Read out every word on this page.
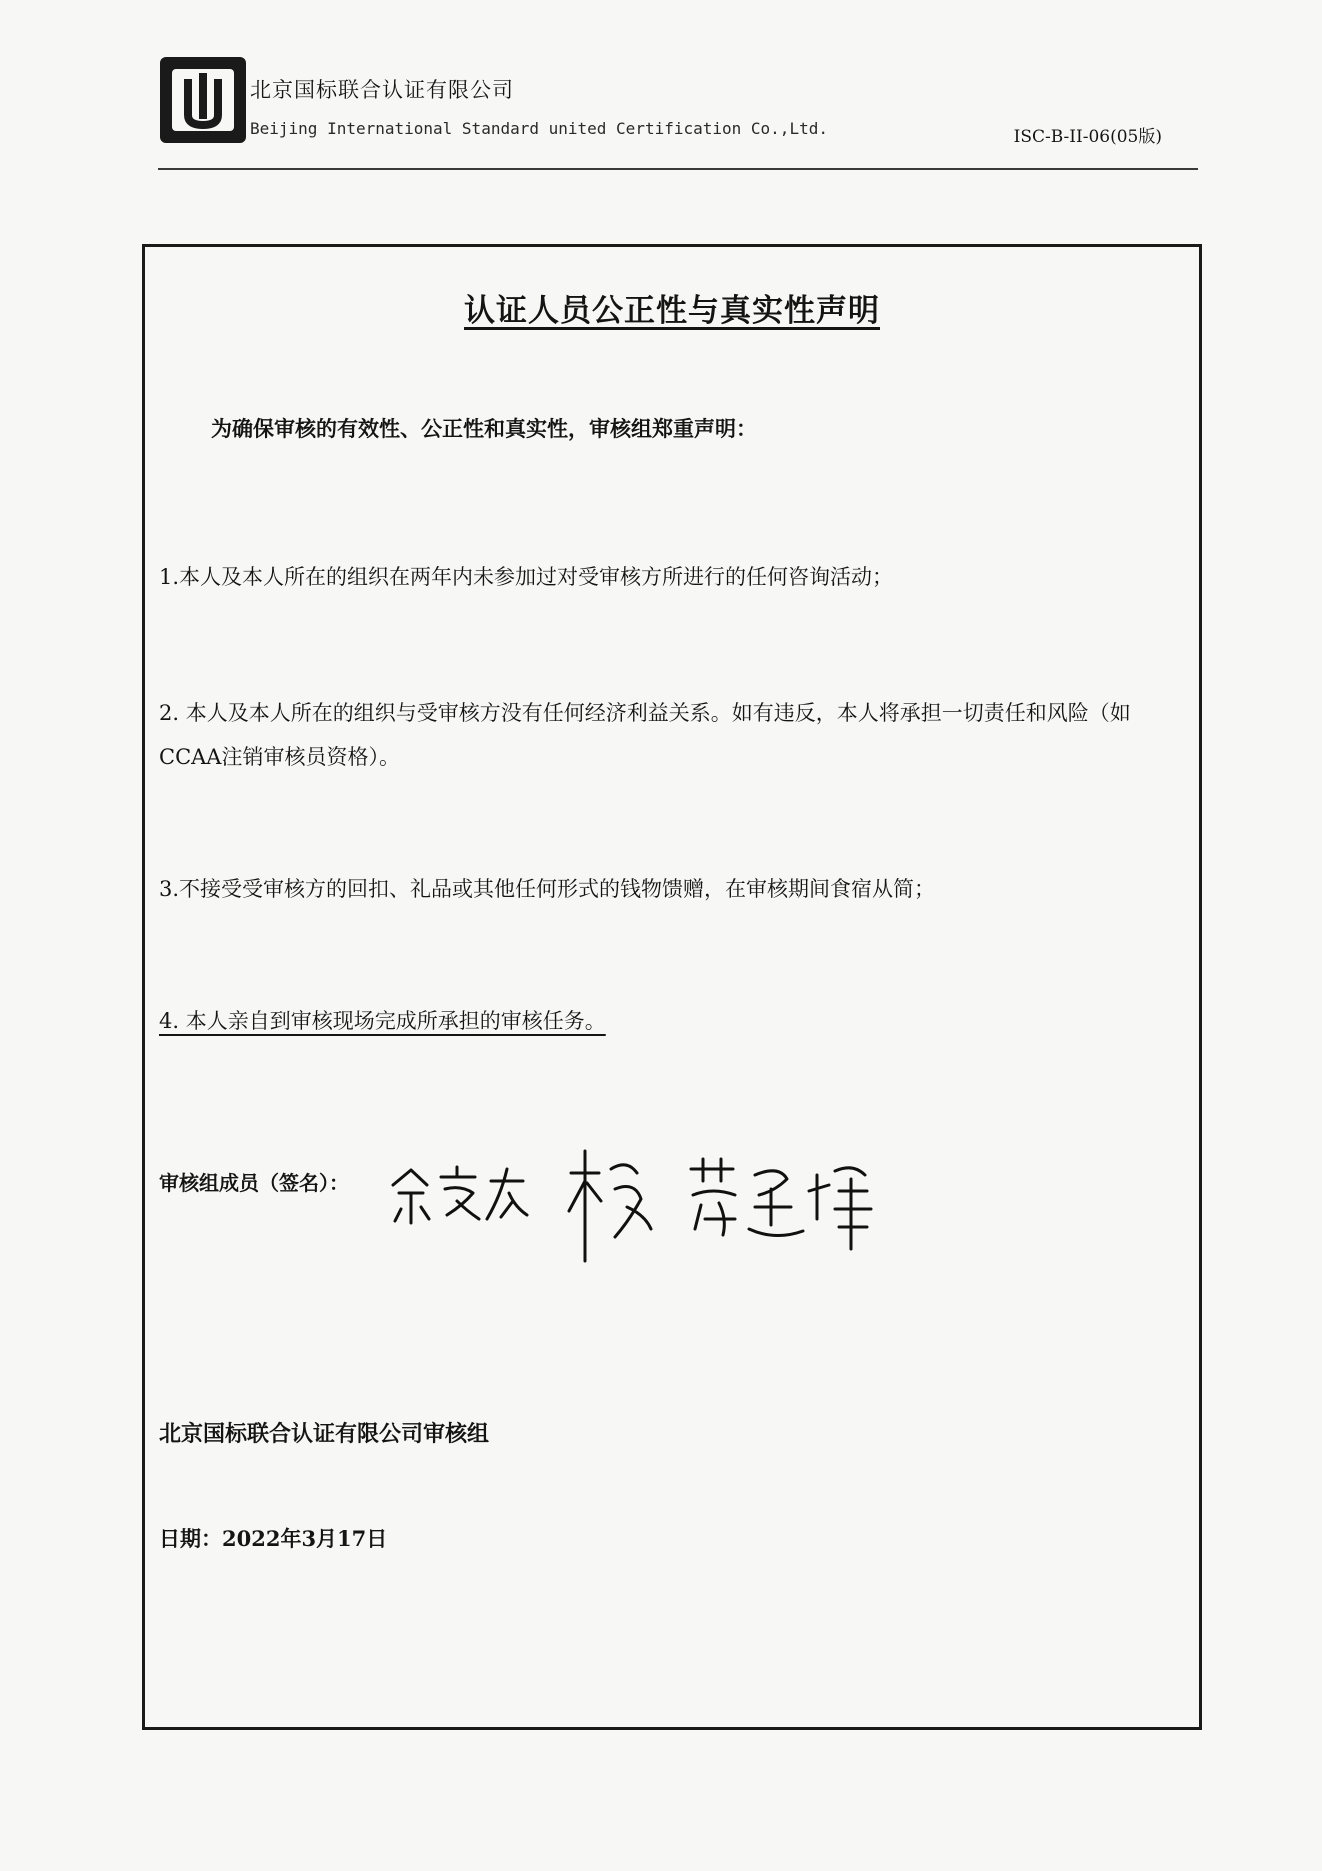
北京国标联合认证有限公司
Beijing International Standard united Certification Co.,Ltd.	ISC-B-II-06(05版)
认证人员公正性与真实性声明
为确保审核的有效性、公正性和真实性，审核组郑重声明：
1.本人及本人所在的组织在两年内未参加过对受审核方所进行的任何咨询活动；
2. 本人及本人所在的组织与受审核方没有任何经济利益关系。如有违反，本人将承担一切责任和风险（如CCAA注销审核员资格）。
3.不接受受审核方的回扣、礼品或其他任何形式的钱物馈赠，在审核期间食宿从简；
4. 本人亲自到审核现场完成所承担的审核任务。
审核组成员（签名）：
北京国标联合认证有限公司审核组
日期：2022年3月17日
